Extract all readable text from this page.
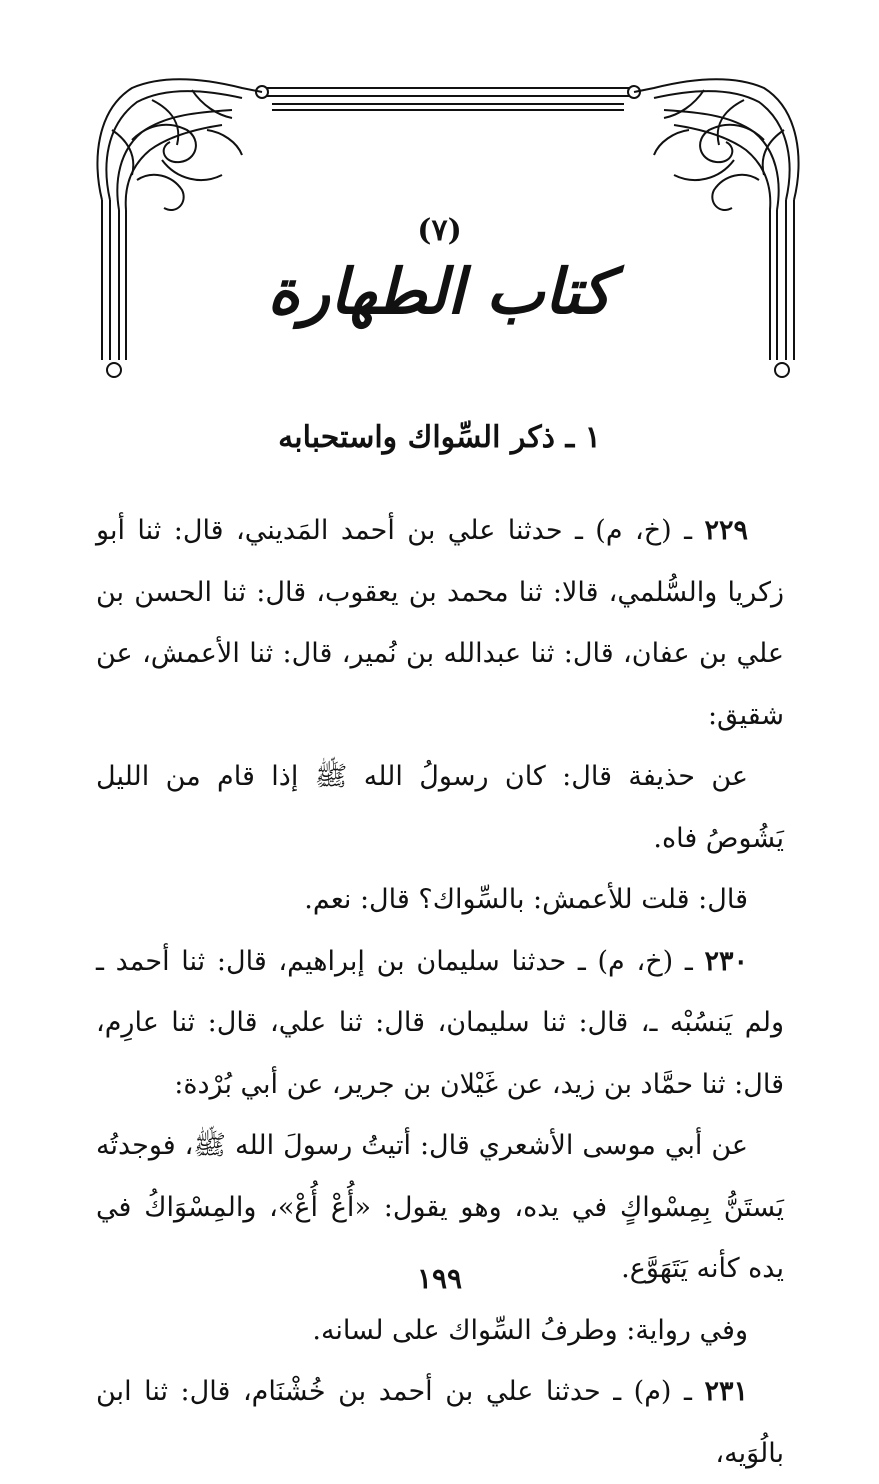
(٧)
كتاب الطهارة
١ ـ ذكر السِّواك واستحبابه

٢٢٩ ـ (خ، م) ـ حدثنا علي بن أحمد المَديني، قال: ثنا أبو زكريا والسُّلمي، قالا: ثنا محمد بن يعقوب، قال: ثنا الحسن بن علي بن عفان، قال: ثنا عبدالله بن نُمير، قال: ثنا الأعمش، عن شقيق:

عن حذيفة قال: كان رسولُ الله ﷺ إذا قام من الليل يَشُوصُ فاه.

قال: قلت للأعمش: بالسِّواك؟ قال: نعم.

٢٣٠ ـ (خ، م) ـ حدثنا سليمان بن إبراهيم، قال: ثنا أحمد ـ ولم يَنسُبْه ـ، قال: ثنا سليمان، قال: ثنا علي، قال: ثنا عارِم، قال: ثنا حمَّاد بن زيد، عن غَيْلان بن جرير، عن أبي بُرْدة:

عن أبي موسى الأشعري قال: أتيتُ رسولَ الله ﷺ، فوجدتُه يَستَنُّ بِمِسْواكٍ في يده، وهو يقول: «أُعْ أُعْ»، والمِسْوَاكُ في يده كأنه يَتَهَوَّع.

وفي رواية: وطرفُ السِّواك على لسانه.

٢٣١ ـ (م) ـ حدثنا علي بن أحمد بن خُشْنَام، قال: ثنا ابن بالُوَيه،

١٩٩
